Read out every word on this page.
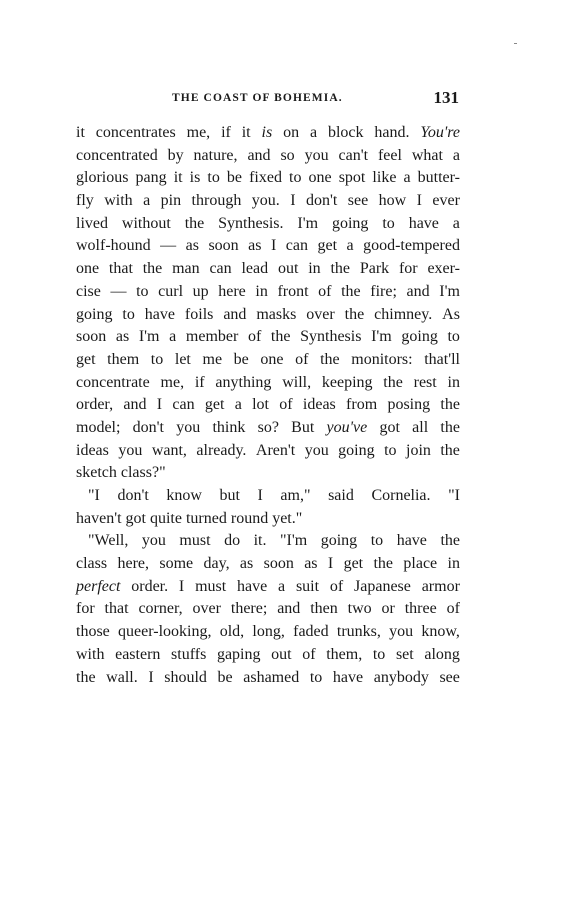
THE COAST OF BOHEMIA.	131
it concentrates me, if it is on a block hand. You're
concentrated by nature, and so you can't feel what a
glorious pang it is to be fixed to one spot like a butter-
fly with a pin through you. I don't see how I ever
lived without the Synthesis. I'm going to have a
wolf-hound — as soon as I can get a good-tempered
one that the man can lead out in the Park for exer-
cise — to curl up here in front of the fire; and I'm
going to have foils and masks over the chimney. As
soon as I'm a member of the Synthesis I'm going to
get them to let me be one of the monitors: that'll
concentrate me, if anything will, keeping the rest in
order, and I can get a lot of ideas from posing the
model; don't you think so? But you've got all the
ideas you want, already. Aren't you going to join the
sketch class?"
"I don't know but I am," said Cornelia. "I
haven't got quite turned round yet."
"Well, you must do it. "I'm going to have the
class here, some day, as soon as I get the place in
perfect order. I must have a suit of Japanese armor
for that corner, over there; and then two or three of
those queer-looking, old, long, faded trunks, you know,
with eastern stuffs gaping out of them, to set along
the wall. I should be ashamed to have anybody see
